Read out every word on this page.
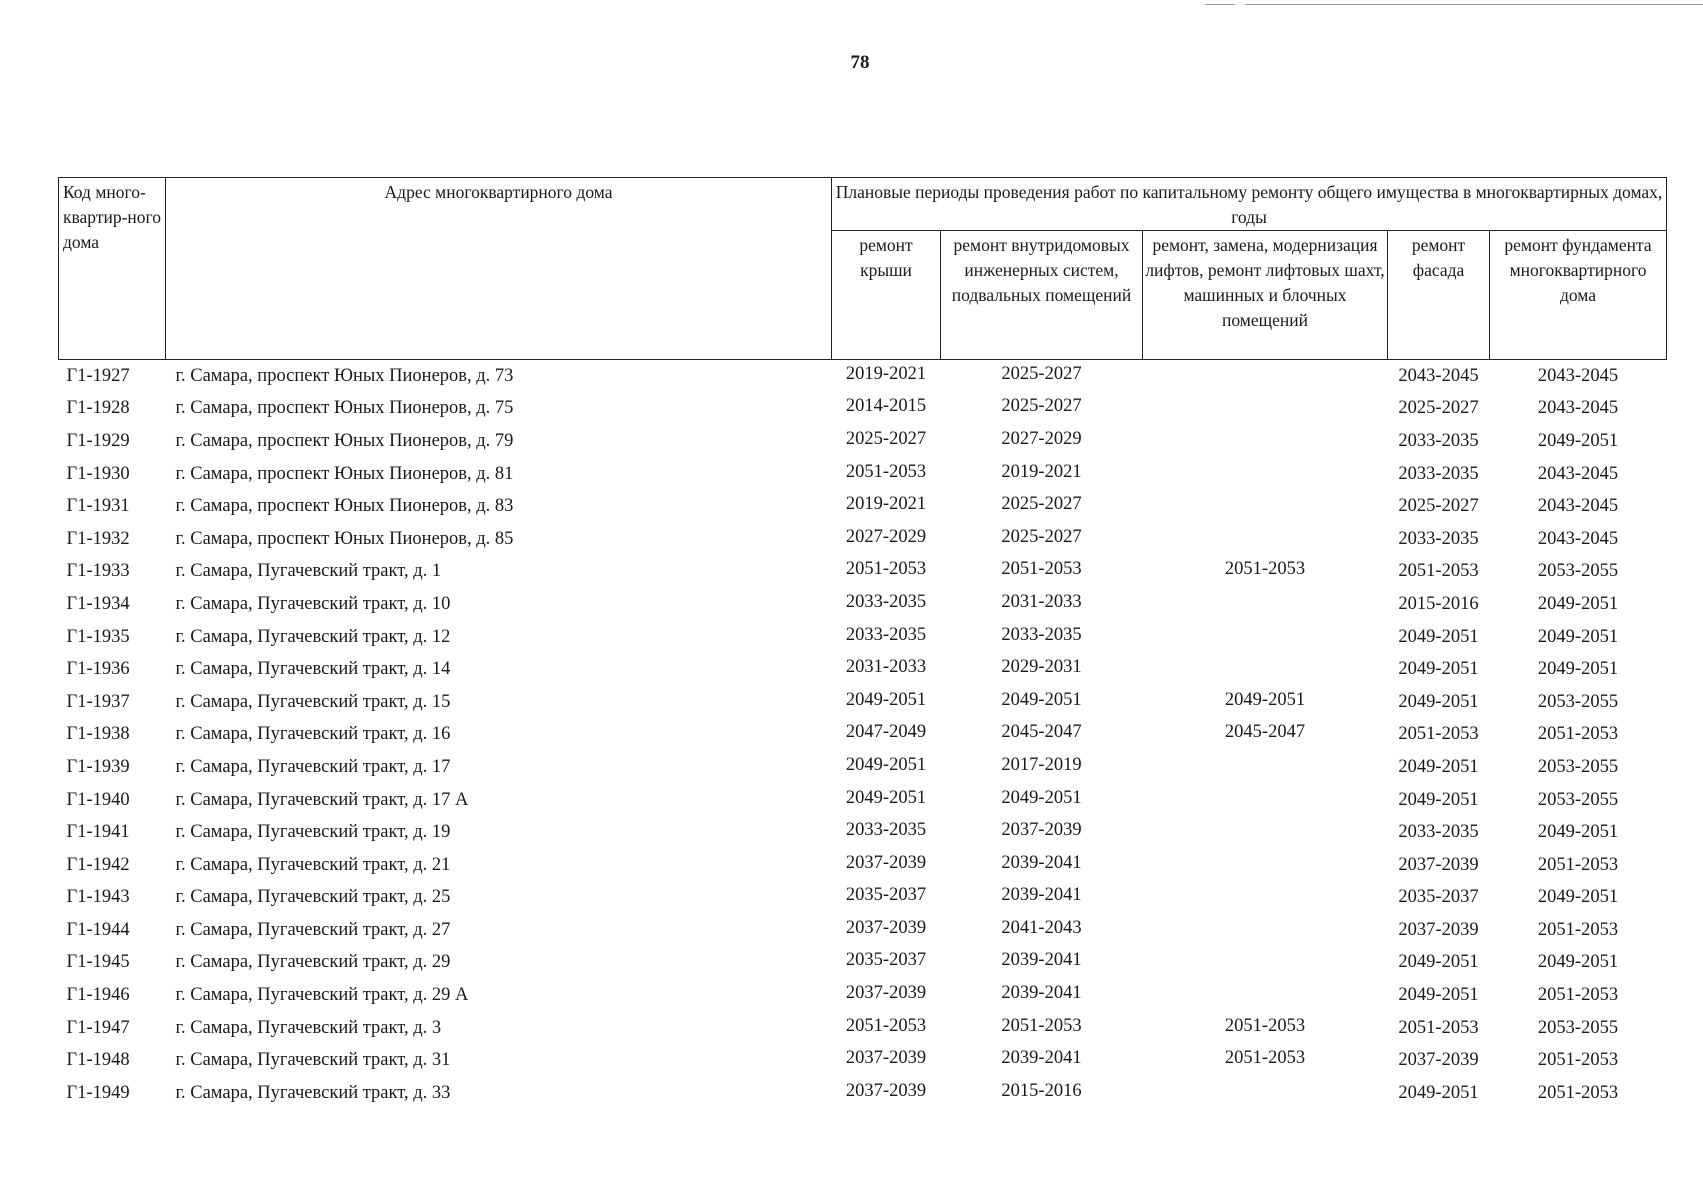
78
Код много-квартир-ного дома	Адрес многоквартирного дома	Плановые периоды проведения работ по капитальному ремонту общего имущества в многоквартирных домах, годы				
		ремонт крыши	ремонт внутридомовых инженерных систем, подвальных помещений	ремонт, замена, модернизация лифтов, ремонт лифтовых шахт, машинных и блочных помещений	ремонт фасада	ремонт фундамента многоквартирного дома
Г1-1927	г. Самара, проспект Юных Пионеров, д. 73	2019-2021	2025-2027		2043-2045	2043-2045
Г1-1928	г. Самара, проспект Юных Пионеров, д. 75	2014-2015	2025-2027		2025-2027	2043-2045
Г1-1929	г. Самара, проспект Юных Пионеров, д. 79	2025-2027	2027-2029		2033-2035	2049-2051
Г1-1930	г. Самара, проспект Юных Пионеров, д. 81	2051-2053	2019-2021		2033-2035	2043-2045
Г1-1931	г. Самара, проспект Юных Пионеров, д. 83	2019-2021	2025-2027		2025-2027	2043-2045
Г1-1932	г. Самара, проспект Юных Пионеров, д. 85	2027-2029	2025-2027		2033-2035	2043-2045
Г1-1933	г. Самара, Пугачевский тракт, д. 1	2051-2053	2051-2053	2051-2053	2051-2053	2053-2055
Г1-1934	г. Самара, Пугачевский тракт, д. 10	2033-2035	2031-2033		2015-2016	2049-2051
Г1-1935	г. Самара, Пугачевский тракт, д. 12	2033-2035	2033-2035		2049-2051	2049-2051
Г1-1936	г. Самара, Пугачевский тракт, д. 14	2031-2033	2029-2031		2049-2051	2049-2051
Г1-1937	г. Самара, Пугачевский тракт, д. 15	2049-2051	2049-2051	2049-2051	2049-2051	2053-2055
Г1-1938	г. Самара, Пугачевский тракт, д. 16	2047-2049	2045-2047	2045-2047	2051-2053	2051-2053
Г1-1939	г. Самара, Пугачевский тракт, д. 17	2049-2051	2017-2019		2049-2051	2053-2055
Г1-1940	г. Самара, Пугачевский тракт, д. 17 А	2049-2051	2049-2051		2049-2051	2053-2055
Г1-1941	г. Самара, Пугачевский тракт, д. 19	2033-2035	2037-2039		2033-2035	2049-2051
Г1-1942	г. Самара, Пугачевский тракт, д. 21	2037-2039	2039-2041		2037-2039	2051-2053
Г1-1943	г. Самара, Пугачевский тракт, д. 25	2035-2037	2039-2041		2035-2037	2049-2051
Г1-1944	г. Самара, Пугачевский тракт, д. 27	2037-2039	2041-2043		2037-2039	2051-2053
Г1-1945	г. Самара, Пугачевский тракт, д. 29	2035-2037	2039-2041		2049-2051	2049-2051
Г1-1946	г. Самара, Пугачевский тракт, д. 29 А	2037-2039	2039-2041		2049-2051	2051-2053
Г1-1947	г. Самара, Пугачевский тракт, д. 3	2051-2053	2051-2053	2051-2053	2051-2053	2053-2055
Г1-1948	г. Самара, Пугачевский тракт, д. 31	2037-2039	2039-2041	2051-2053	2037-2039	2051-2053
Г1-1949	г. Самара, Пугачевский тракт, д. 33	2037-2039	2015-2016		2049-2051	2051-2053
